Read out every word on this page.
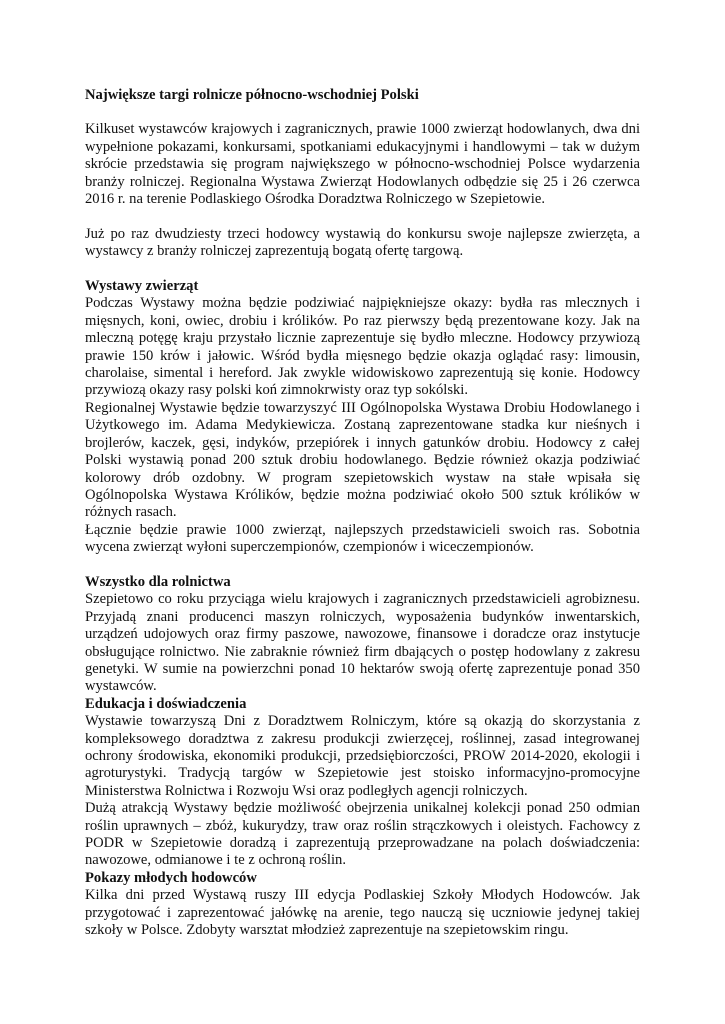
Największe targi rolnicze północno-wschodniej Polski

Kilkuset wystawców krajowych i zagranicznych, prawie 1000 zwierząt hodowlanych, dwa dni wypełnione pokazami, konkursami, spotkaniami edukacyjnymi i handlowymi – tak w dużym skrócie przedstawia się program największego w północno-wschodniej Polsce wydarzenia branży rolniczej. Regionalna Wystawa Zwierząt Hodowlanych odbędzie się 25 i 26 czerwca 2016 r. na terenie Podlaskiego Ośrodka Doradztwa Rolniczego w Szepietowie.

Już po raz dwudziesty trzeci hodowcy wystawią do konkursu swoje najlepsze zwierzęta, a wystawcy z branży rolniczej zaprezentują bogatą ofertę targową.

Wystawy zwierząt

Podczas Wystawy można będzie podziwiać najpiękniejsze okazy: bydła ras mlecznych i mięsnych, koni, owiec, drobiu i królików. Po raz pierwszy będą prezentowane kozy. Jak na mleczną potęgę kraju przystało licznie zaprezentuje się bydło mleczne. Hodowcy przywiozą prawie 150 krów i jałowic. Wśród bydła mięsnego będzie okazja oglądać rasy: limousin, charolaise, simental i hereford. Jak zwykle widowiskowo zaprezentują się konie. Hodowcy przywiozą okazy rasy polski koń zimnokrwisty oraz typ sokólski.

Regionalnej Wystawie będzie towarzyszyć III Ogólnopolska Wystawa Drobiu Hodowlanego i Użytkowego im. Adama Medykiewicza. Zostaną zaprezentowane stadka kur nieśnych i brojlerów, kaczek, gęsi, indyków, przepiórek i innych gatunków drobiu. Hodowcy z całej Polski wystawią ponad 200 sztuk drobiu hodowlanego. Będzie również okazja podziwiać kolorowy drób ozdobny. W program szepietowskich wystaw na stałe wpisała się Ogólnopolska Wystawa Królików, będzie można podziwiać około 500 sztuk królików w różnych rasach.

Łącznie będzie prawie 1000 zwierząt, najlepszych przedstawicieli swoich ras. Sobotnia wycena zwierząt wyłoni superczempionów, czempionów i wiceczempionów.

Wszystko dla rolnictwa

Szepietowo co roku przyciąga wielu krajowych i zagranicznych przedstawicieli agrobiznesu. Przyjadą znani producenci maszyn rolniczych, wyposażenia budynków inwentarskich, urządzeń udojowych oraz firmy paszowe, nawozowe, finansowe i doradcze oraz instytucje obsługujące rolnictwo. Nie zabraknie również firm dbających o postęp hodowlany z zakresu genetyki. W sumie na powierzchni ponad 10 hektarów swoją ofertę zaprezentuje ponad 350 wystawców.

Edukacja i doświadczenia

Wystawie towarzyszą Dni z Doradztwem Rolniczym, które są okazją do skorzystania z kompleksowego doradztwa z zakresu produkcji zwierzęcej, roślinnej, zasad integrowanej ochrony środowiska, ekonomiki produkcji, przedsiębiorczości, PROW 2014-2020, ekologii i agroturystyki. Tradycją targów w Szepietowie jest stoisko informacyjno-promocyjne Ministerstwa Rolnictwa i Rozwoju Wsi oraz podległych agencji rolniczych.

Dużą atrakcją Wystawy będzie możliwość obejrzenia unikalnej kolekcji ponad 250 odmian roślin uprawnych – zbóż, kukurydzy, traw oraz roślin strączkowych i oleistych. Fachowcy z PODR w Szepietowie doradzą i zaprezentują przeprowadzane na polach doświadczenia: nawozowe, odmianowe i te z ochroną roślin.

Pokazy młodych hodowców

Kilka dni przed Wystawą ruszy III edycja Podlaskiej Szkoły Młodych Hodowców. Jak przygotować i zaprezentować jałówkę na arenie, tego nauczą się uczniowie jedynej takiej szkoły w Polsce. Zdobyty warsztat młodzież zaprezentuje na szepietowskim ringu.
